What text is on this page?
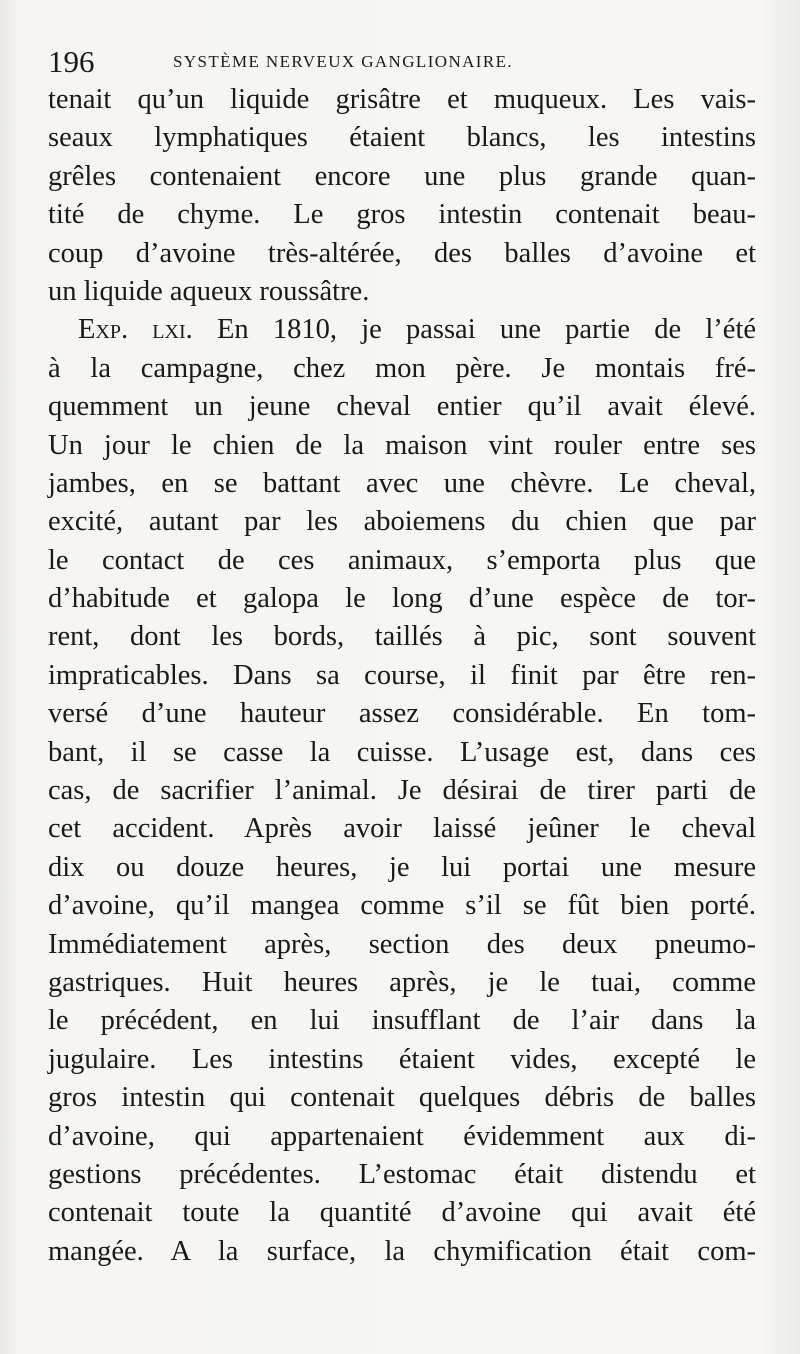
196	SYSTÈME NERVEUX GANGLIONAIRE.
tenait qu’un liquide grisâtre et muqueux. Les vais-
seaux lymphatiques étaient blancs, les intestins
grêles contenaient encore une plus grande quan-
tité de chyme. Le gros intestin contenait beau-
coup d’avoine très-altérée, des balles d’avoine et
un liquide aqueux roussâtre.
Exp. lxi. En 1810, je passai une partie de l’été
à la campagne, chez mon père. Je montais fré-
quemment un jeune cheval entier qu’il avait élevé.
Un jour le chien de la maison vint rouler entre ses
jambes, en se battant avec une chèvre. Le cheval,
excité, autant par les aboiemens du chien que par
le contact de ces animaux, s’emporta plus que
d’habitude et galopa le long d’une espèce de tor-
rent, dont les bords, taillés à pic, sont souvent
impraticables. Dans sa course, il finit par être ren-
versé d’une hauteur assez considérable. En tom-
bant, il se casse la cuisse. L’usage est, dans ces
cas, de sacrifier l’animal. Je désirai de tirer parti de
cet accident. Après avoir laissé jeûner le cheval
dix ou douze heures, je lui portai une mesure
d’avoine, qu’il mangea comme s’il se fût bien porté.
Immédiatement après, section des deux pneumo-
gastriques. Huit heures après, je le tuai, comme
le précédent, en lui insufflant de l’air dans la
jugulaire. Les intestins étaient vides, excepté le
gros intestin qui contenait quelques débris de balles
d’avoine, qui appartenaient évidemment aux di-
gestions précédentes. L’estomac était distendu et
contenait toute la quantité d’avoine qui avait été
mangée. A la surface, la chymification était com-
